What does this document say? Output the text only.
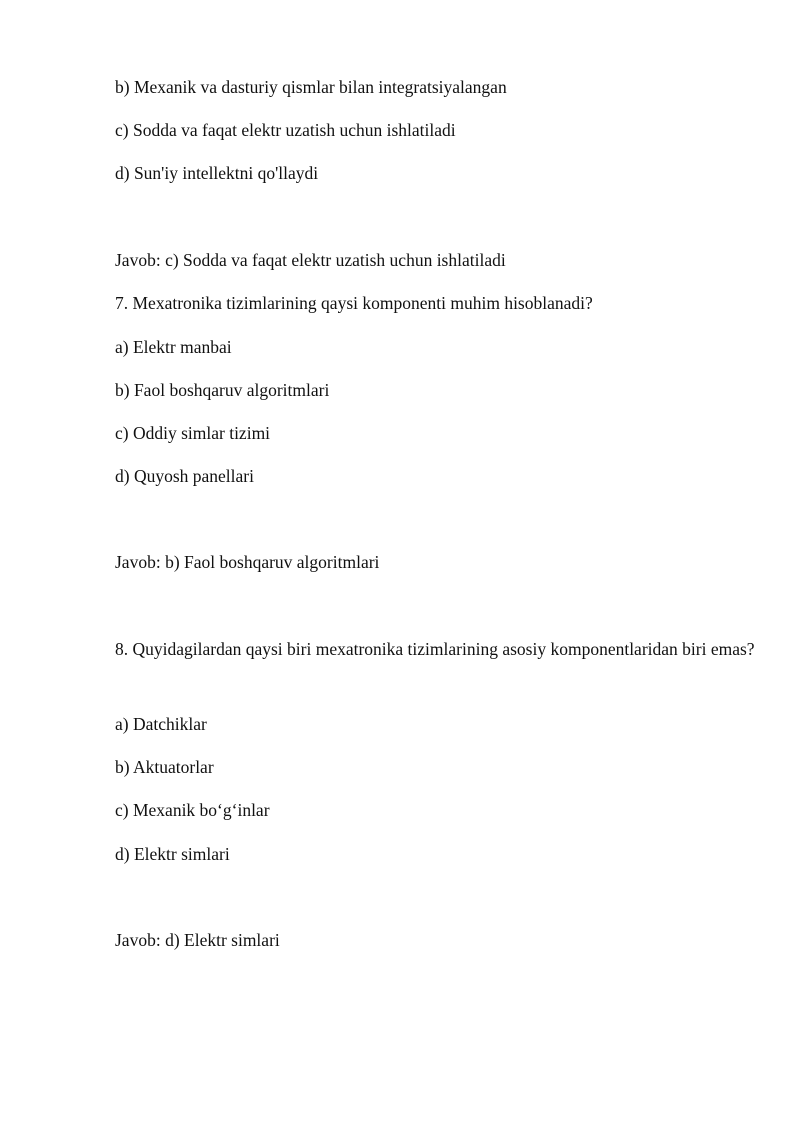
b) Mexanik va dasturiy qismlar bilan integratsiyalangan
c) Sodda va faqat elektr uzatish uchun ishlatiladi
d) Sun'iy intellektni qo'llaydi
Javob: c) Sodda va faqat elektr uzatish uchun ishlatiladi
7. Mexatronika tizimlarining qaysi komponenti muhim hisoblanadi?
a) Elektr manbai
b) Faol boshqaruv algoritmlari
c) Oddiy simlar tizimi
d) Quyosh panellari
Javob: b) Faol boshqaruv algoritmlari
8. Quyidagilardan qaysi biri mexatronika tizimlarining asosiy komponentlaridan biri emas?
a) Datchiklar
b) Aktuatorlar
c) Mexanik bo‘g‘inlar
d) Elektr simlari
Javob: d) Elektr simlari
